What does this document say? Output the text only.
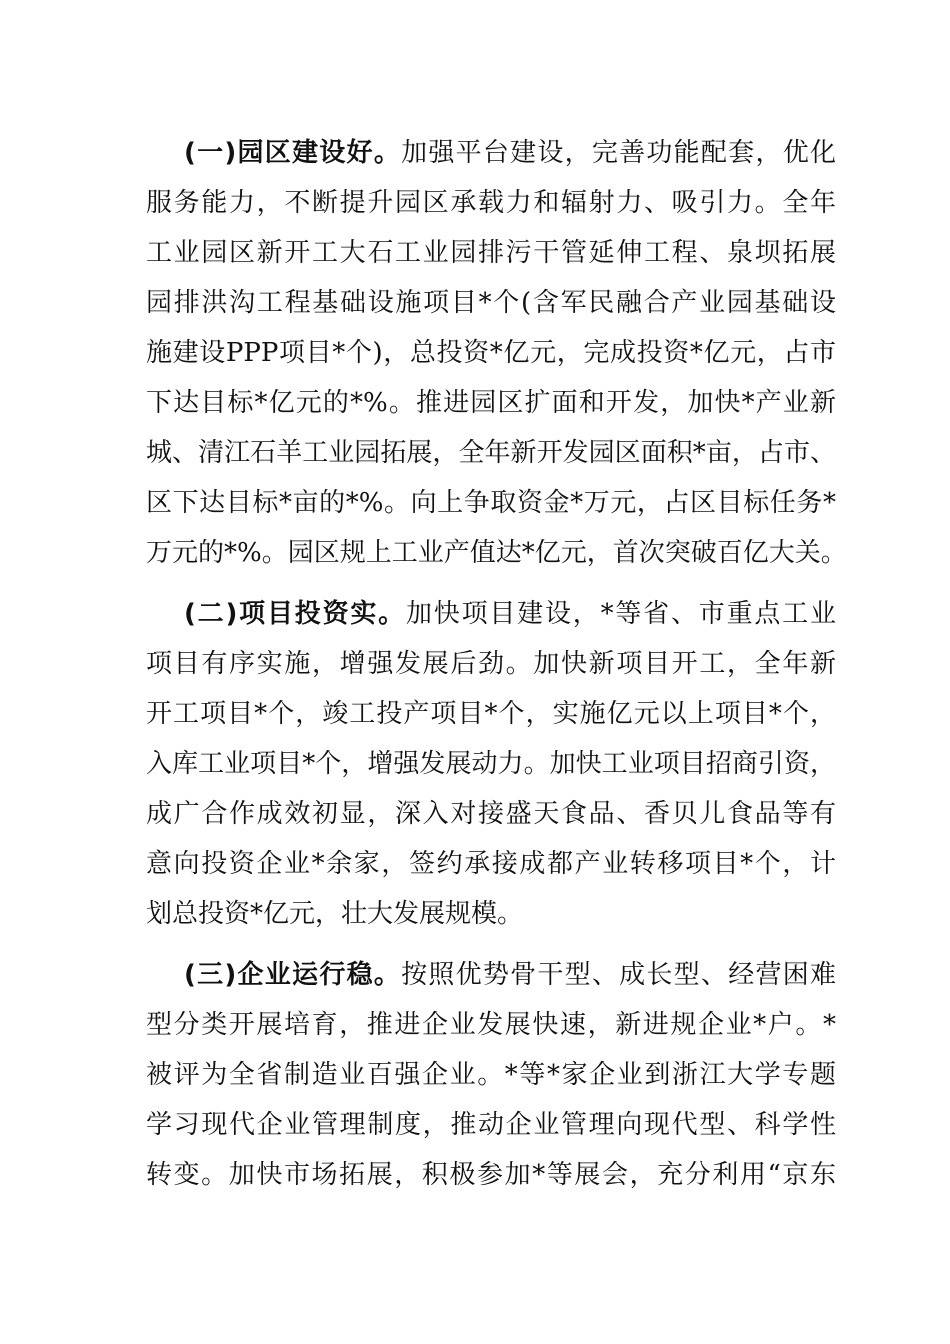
(一)园区建设好。加强平台建设，完善功能配套，优化
服务能力，不断提升园区承载力和辐射力、吸引力。全年
工业园区新开工大石工业园排污干管延伸工程、泉坝拓展
园排洪沟工程基础设施项目*个(含军民融合产业园基础设
施建设PPP项目*个)，总投资*亿元，完成投资*亿元，占市
下达目标*亿元的*%。推进园区扩面和开发，加快*产业新
城、清江石羊工业园拓展，全年新开发园区面积*亩，占市、
区下达目标*亩的*%。向上争取资金*万元，占区目标任务*
万元的*%。园区规上工业产值达*亿元，首次突破百亿大关。
(二)项目投资实。加快项目建设，*等省、市重点工业
项目有序实施，增强发展后劲。加快新项目开工，全年新
开工项目*个，竣工投产项目*个，实施亿元以上项目*个，
入库工业项目*个，增强发展动力。加快工业项目招商引资，
成广合作成效初显，深入对接盛天食品、香贝儿食品等有
意向投资企业*余家，签约承接成都产业转移项目*个，计
划总投资*亿元，壮大发展规模。
(三)企业运行稳。按照优势骨干型、成长型、经营困难
型分类开展培育，推进企业发展快速，新进规企业*户。*
被评为全省制造业百强企业。*等*家企业到浙江大学专题
学习现代企业管理制度，推动企业管理向现代型、科学性
转变。加快市场拓展，积极参加*等展会，充分利用“京东
